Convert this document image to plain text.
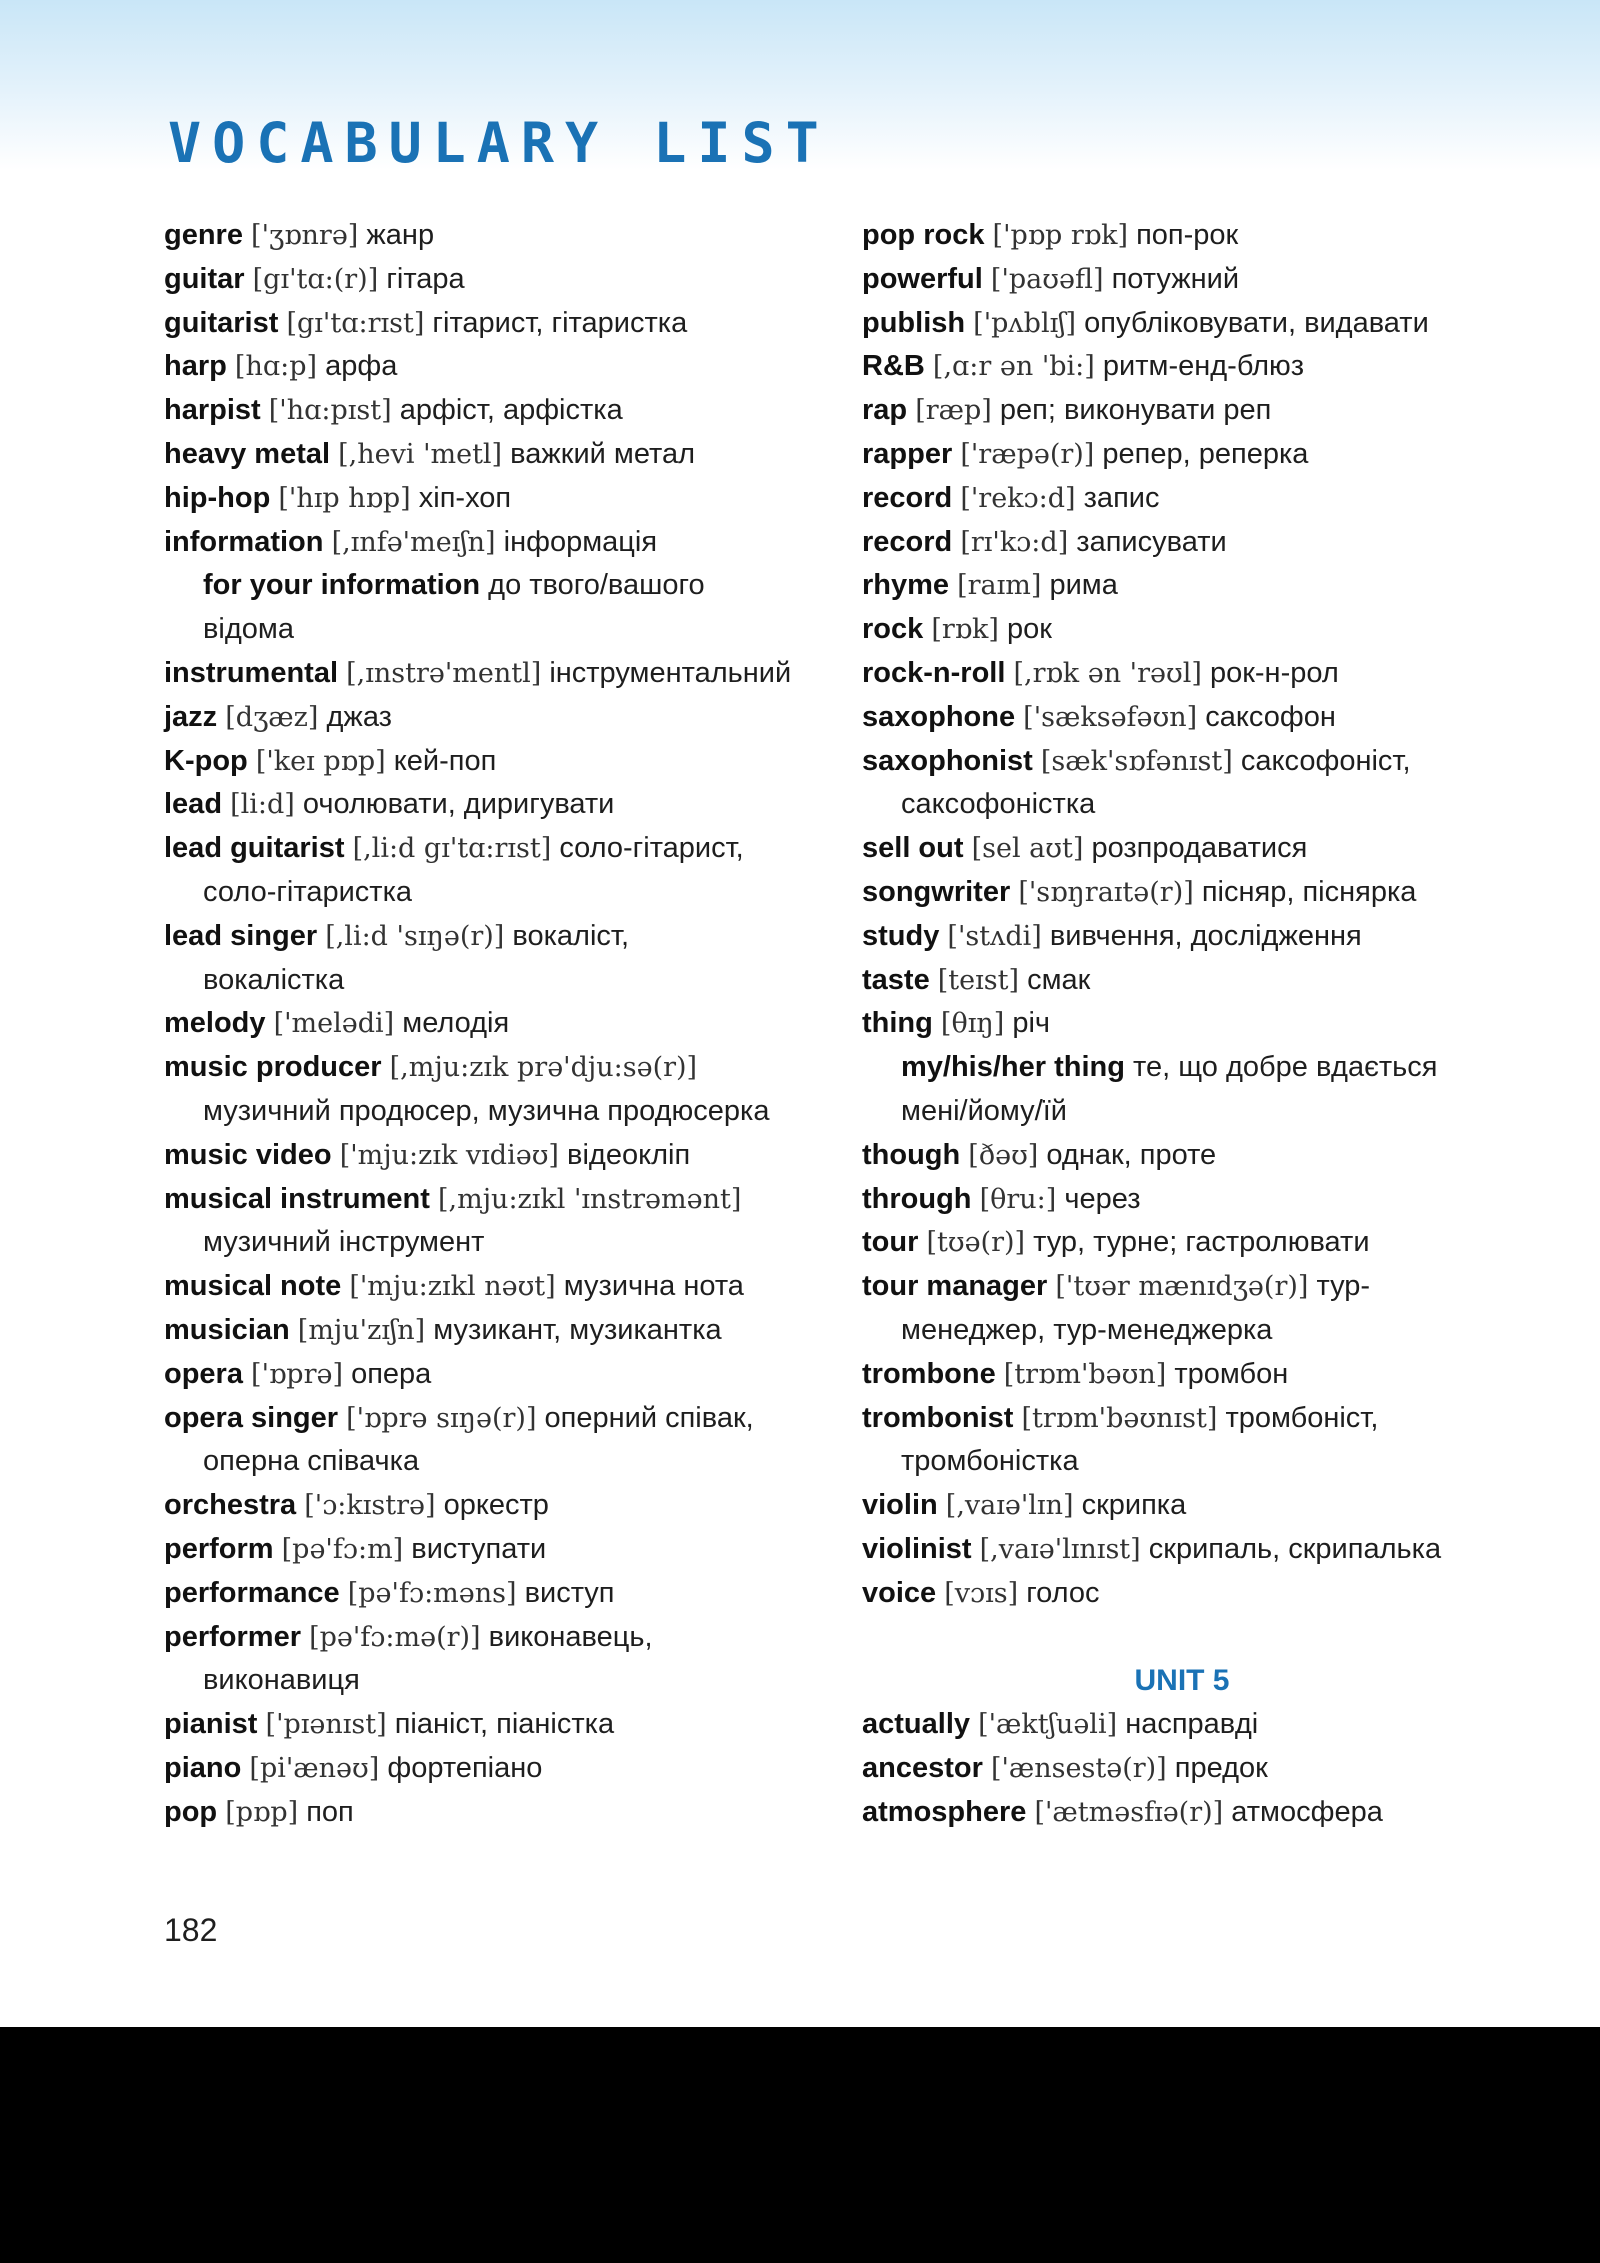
VOCABULARY LIST
genre ['ʒɒnrə] жанр
guitar [gɪ'tɑ:(r)] гітара
guitarist [gɪ'tɑ:rɪst] гітарист, гітаристка
harp [hɑ:p] арфа
harpist ['hɑ:pɪst] арфіст, арфістка
heavy metal [,hevi 'metl] важкий метал
hip-hop ['hɪp hɒp] хіп-хоп
information [,ɪnfə'meɪʃn] інформація
for your information до твого/вашого
відома
instrumental [,ɪnstrə'mentl] інструментальний
jazz [dʒæz] джаз
K-pop ['keɪ pɒp] кей-поп
lead [li:d] очолювати, диригувати
lead guitarist [,li:d gɪ'tɑ:rɪst] соло-гітарист,
соло-гітаристка
lead singer [,li:d 'sɪŋə(r)] вокаліст,
вокалістка
melody ['melədi] мелодія
music producer [,mju:zɪk prə'dju:sə(r)]
музичний продюсер, музична продюсерка
music video ['mju:zɪk vɪdiəʊ] відеокліп
musical instrument [,mju:zɪkl 'ɪnstrəmənt]
музичний інструмент
musical note ['mju:zɪkl nəʊt] музична нота
musician [mju'zɪʃn] музикант, музикантка
opera ['ɒprə] опера
opera singer ['ɒprə sɪŋə(r)] оперний співак,
оперна співачка
orchestra ['ɔ:kɪstrə] оркестр
perform [pə'fɔ:m] виступати
performance [pə'fɔ:məns] виступ
performer [pə'fɔ:mə(r)] виконавець,
виконавиця
pianist ['pɪənɪst] піаніст, піаністка
piano [pi'ænəʊ] фортепіано
pop [pɒp] поп
pop rock ['pɒp rɒk] поп-рок
powerful ['paʊəfl] потужний
publish ['pʌblɪʃ] опубліковувати, видавати
R&B [,ɑ:r ən 'bi:] ритм-енд-блюз
rap [ræp] реп; виконувати реп
rapper ['ræpə(r)] репер, реперка
record ['rekɔ:d] запис
record [rɪ'kɔ:d] записувати
rhyme [raɪm] рима
rock [rɒk] рок
rock-n-roll [,rɒk ən 'rəʊl] рок-н-рол
saxophone ['sæksəfəʊn] саксофон
saxophonist [sæk'sɒfənɪst] саксофоніст,
саксофоністка
sell out [sel aʊt] розпродаватися
songwriter ['sɒŋraɪtə(r)] пісняр, піснярка
study ['stʌdi] вивчення, дослідження
taste [teɪst] смак
thing [θɪŋ] річ
my/his/her thing те, що добре вдається
мені/йому/їй
though [ðəʊ] однак, проте
through [θru:] через
tour [tʊə(r)] тур, турне; гастролювати
tour manager ['tʊər mænɪdʒə(r)] тур-
менеджер, тур-менеджерка
trombone [trɒm'bəʊn] тромбон
trombonist [trɒm'bəʊnɪst] тромбоніст,
тромбоністка
violin [,vaɪə'lɪn] скрипка
violinist [,vaɪə'lɪnɪst] скрипаль, скрипалька
voice [vɔɪs] голос
UNIT 5
actually ['æktʃuəli] насправді
ancestor ['ænsestə(r)] предок
atmosphere ['ætməsfɪə(r)] атмосфера
182
